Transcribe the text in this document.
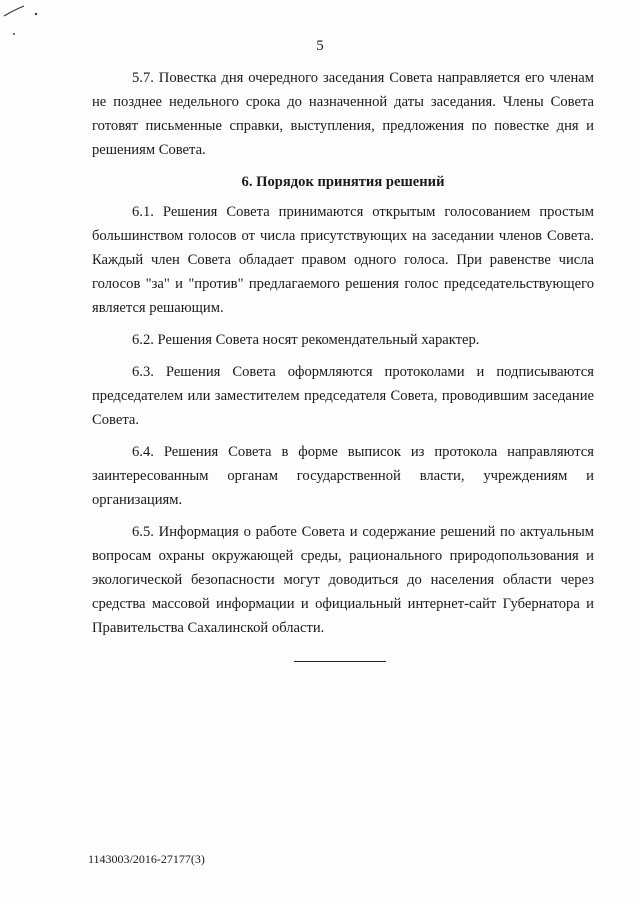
5

5.7. Повестка дня очередного заседания Совета направляется его членам не позднее недельного срока до назначенной даты заседания. Члены Совета готовят письменные справки, выступления, предложения по повестке дня и решениям Совета.

6. Порядок принятия решений

6.1. Решения Совета принимаются открытым голосованием простым большинством голосов от числа присутствующих на заседании членов Совета. Каждый член Совета обладает правом одного голоса. При равенстве числа голосов "за" и "против" предлагаемого решения голос председательствующего является решающим.

6.2. Решения Совета носят рекомендательный характер.

6.3. Решения Совета оформляются протоколами и подписываются председателем или заместителем председателя Совета, проводившим заседание Совета.

6.4. Решения Совета в форме выписок из протокола направляются заинтересованным органам государственной власти, учреждениям и организациям.

6.5. Информация о работе Совета и содержание решений по актуальным вопросам охраны окружающей среды, рационального природопользования и экологической безопасности могут доводиться до населения области через средства массовой информации и официальный интернет-сайт Губернатора и Правительства Сахалинской области.

1143003/2016-27177(3)
